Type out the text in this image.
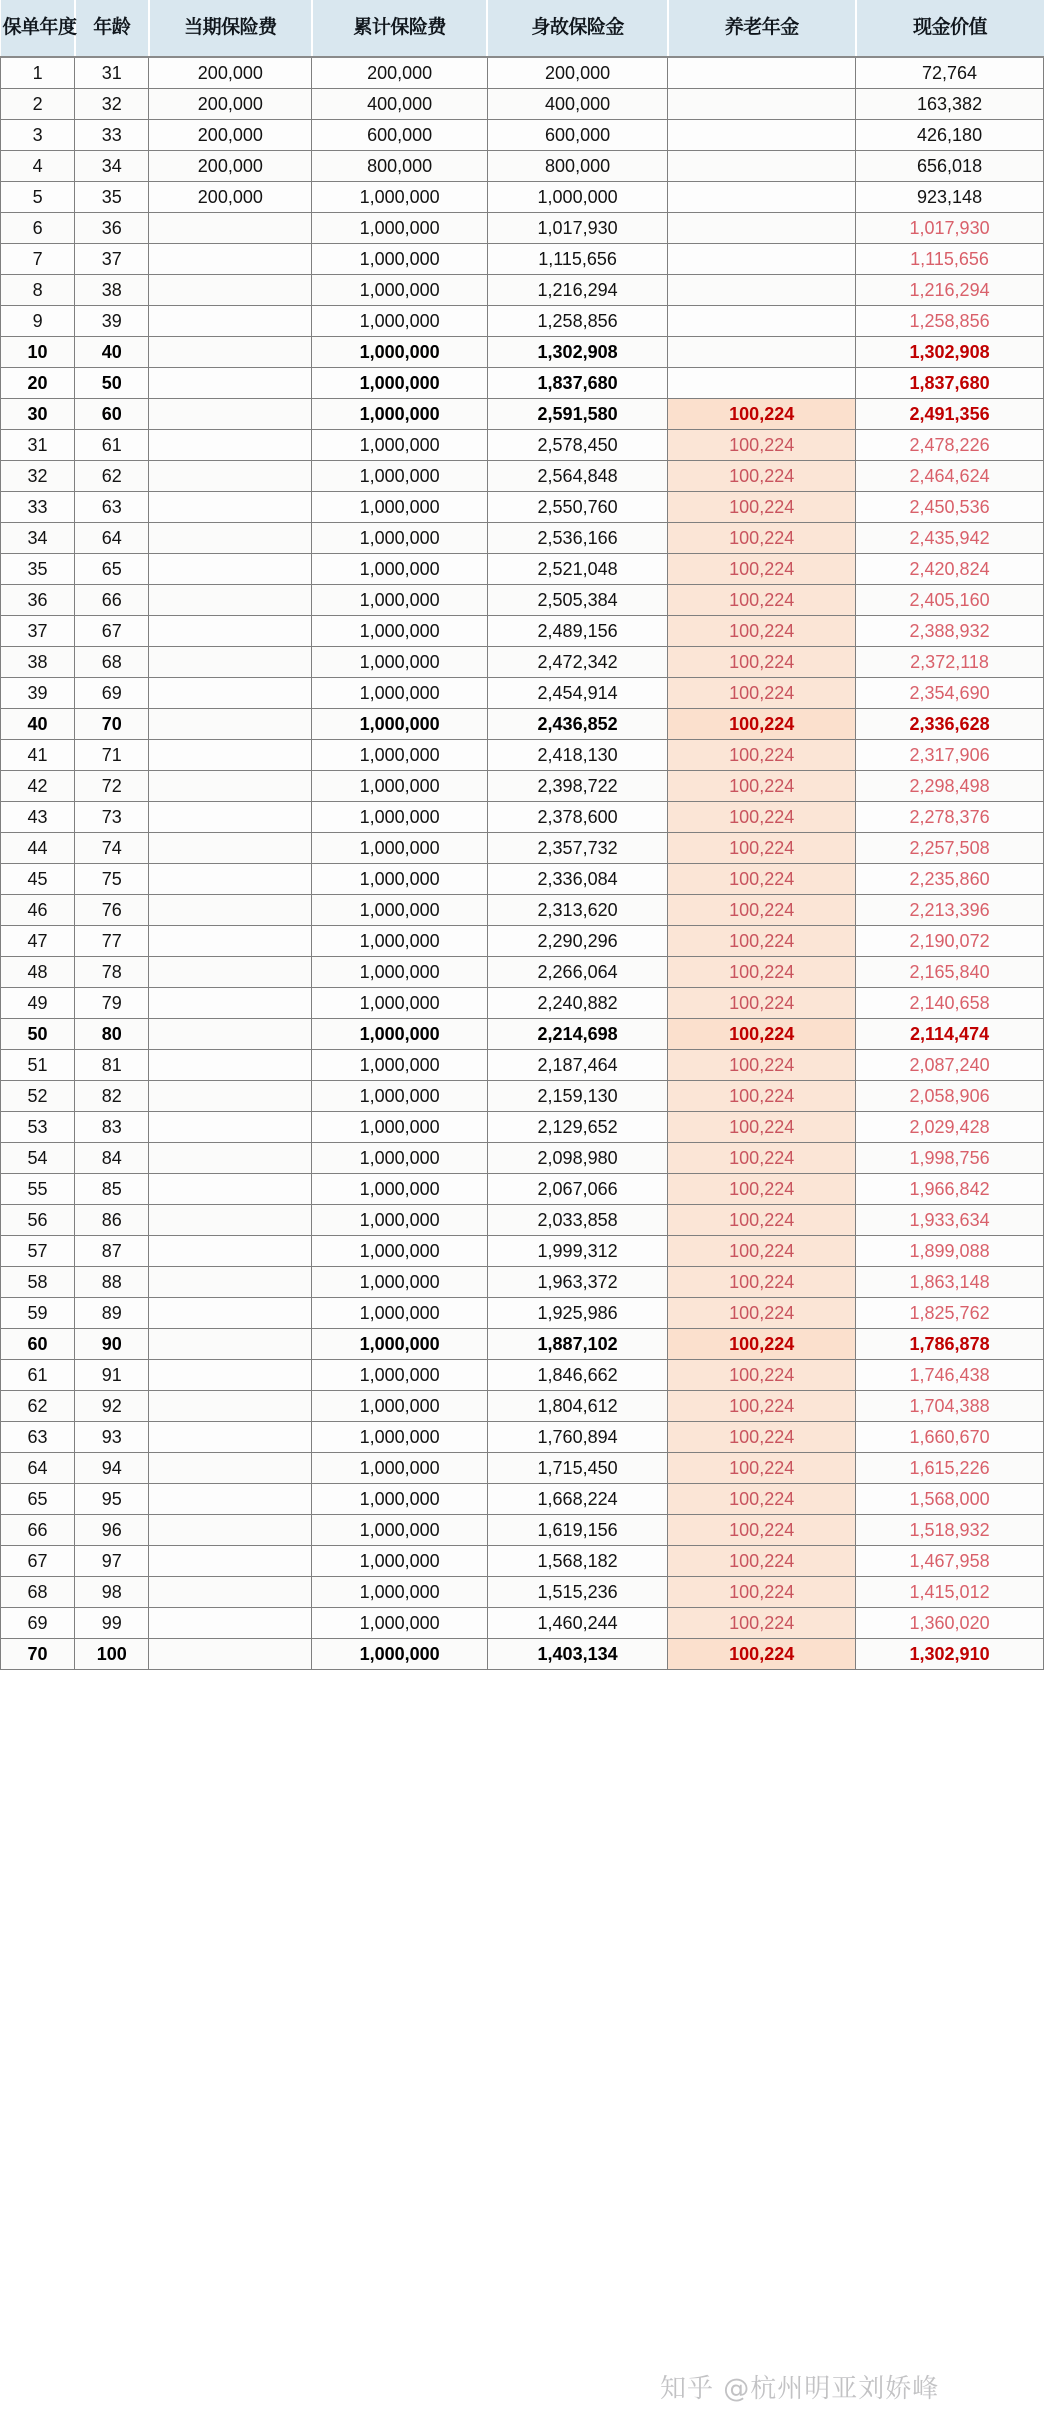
保单年度	年龄	当期保险费	累计保险费	身故保险金	养老年金	现金价值
1	31	200,000	200,000	200,000		72,764
2	32	200,000	400,000	400,000		163,382
3	33	200,000	600,000	600,000		426,180
4	34	200,000	800,000	800,000		656,018
5	35	200,000	1,000,000	1,000,000		923,148
6	36		1,000,000	1,017,930		1,017,930
7	37		1,000,000	1,115,656		1,115,656
8	38		1,000,000	1,216,294		1,216,294
9	39		1,000,000	1,258,856		1,258,856
10	40		1,000,000	1,302,908		1,302,908
20	50		1,000,000	1,837,680		1,837,680
30	60		1,000,000	2,591,580	100,224	2,491,356
31	61		1,000,000	2,578,450	100,224	2,478,226
32	62		1,000,000	2,564,848	100,224	2,464,624
33	63		1,000,000	2,550,760	100,224	2,450,536
34	64		1,000,000	2,536,166	100,224	2,435,942
35	65		1,000,000	2,521,048	100,224	2,420,824
36	66		1,000,000	2,505,384	100,224	2,405,160
37	67		1,000,000	2,489,156	100,224	2,388,932
38	68		1,000,000	2,472,342	100,224	2,372,118
39	69		1,000,000	2,454,914	100,224	2,354,690
40	70		1,000,000	2,436,852	100,224	2,336,628
41	71		1,000,000	2,418,130	100,224	2,317,906
42	72		1,000,000	2,398,722	100,224	2,298,498
43	73		1,000,000	2,378,600	100,224	2,278,376
44	74		1,000,000	2,357,732	100,224	2,257,508
45	75		1,000,000	2,336,084	100,224	2,235,860
46	76		1,000,000	2,313,620	100,224	2,213,396
47	77		1,000,000	2,290,296	100,224	2,190,072
48	78		1,000,000	2,266,064	100,224	2,165,840
49	79		1,000,000	2,240,882	100,224	2,140,658
50	80		1,000,000	2,214,698	100,224	2,114,474
51	81		1,000,000	2,187,464	100,224	2,087,240
52	82		1,000,000	2,159,130	100,224	2,058,906
53	83		1,000,000	2,129,652	100,224	2,029,428
54	84		1,000,000	2,098,980	100,224	1,998,756
55	85		1,000,000	2,067,066	100,224	1,966,842
56	86		1,000,000	2,033,858	100,224	1,933,634
57	87		1,000,000	1,999,312	100,224	1,899,088
58	88		1,000,000	1,963,372	100,224	1,863,148
59	89		1,000,000	1,925,986	100,224	1,825,762
60	90		1,000,000	1,887,102	100,224	1,786,878
61	91		1,000,000	1,846,662	100,224	1,746,438
62	92		1,000,000	1,804,612	100,224	1,704,388
63	93		1,000,000	1,760,894	100,224	1,660,670
64	94		1,000,000	1,715,450	100,224	1,615,226
65	95		1,000,000	1,668,224	100,224	1,568,000
66	96		1,000,000	1,619,156	100,224	1,518,932
67	97		1,000,000	1,568,182	100,224	1,467,958
68	98		1,000,000	1,515,236	100,224	1,415,012
69	99		1,000,000	1,460,244	100,224	1,360,020
70	100		1,000,000	1,403,134	100,224	1,302,910
知乎 @杭州明亚刘娇峰
